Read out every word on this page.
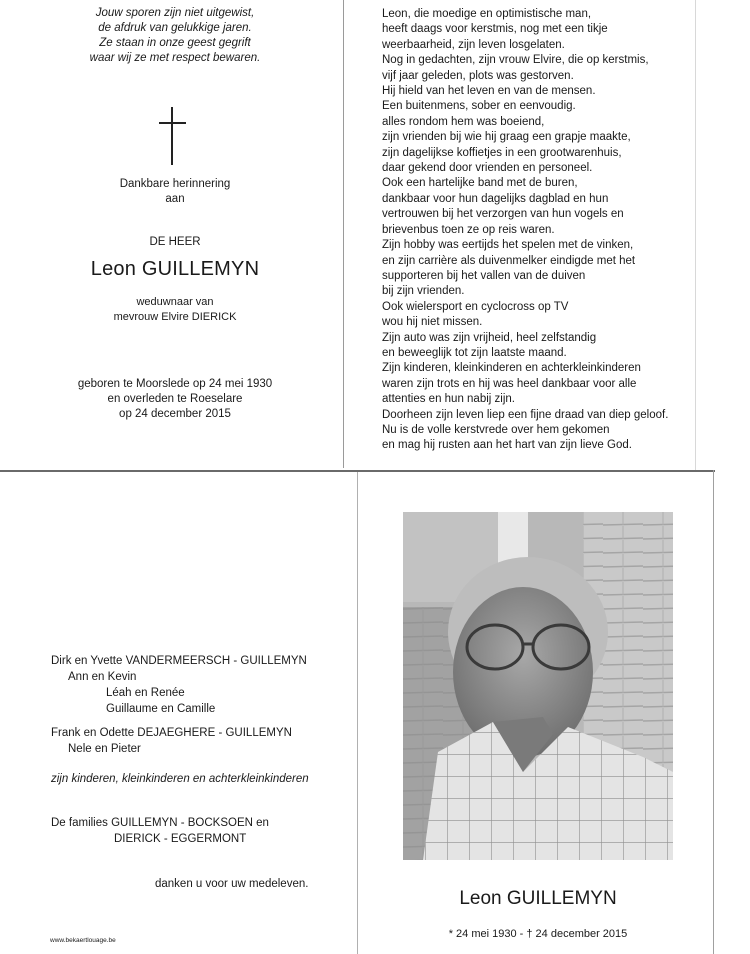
Jouw sporen zijn niet uitgewist,
de afdruk van gelukkige jaren.
Ze staan in onze geest gegrift
waar wij ze met respect bewaren.
Dankbare herinnering
aan
DE HEER
Leon GUILLEMYN
weduwnaar van
mevrouw Elvire DIERICK
geboren te Moorslede op 24 mei 1930
en overleden te Roeselare
op 24 december 2015
Leon, die moedige en optimistische man,
heeft daags voor kerstmis, nog met een tikje
weerbaarheid, zijn leven losgelaten.
Nog in gedachten, zijn vrouw Elvire, die op kerstmis,
vijf jaar geleden, plots was gestorven.
Hij hield van het leven en van de mensen.
Een buitenmens, sober en eenvoudig.
alles rondom hem was boeiend,
zijn vrienden bij wie hij graag een grapje maakte,
zijn dagelijkse koffietjes in een grootwarenhuis,
daar gekend door vrienden en personeel.
Ook een hartelijke band met de buren,
dankbaar voor hun dagelijks dagblad en hun
vertrouwen bij het verzorgen van hun vogels en
brievenbus toen ze op reis waren.
Zijn hobby was eertijds het spelen met de vinken,
en zijn carrière als duivenmelker eindigde met het
supporteren bij het vallen van de duiven
bij zijn vrienden.
Ook wielersport en cyclocross op TV
wou hij niet missen.
Zijn auto was zijn vrijheid, heel zelfstandig
en beweeglijk tot zijn laatste maand.
Zijn kinderen, kleinkinderen en achterkleinkinderen
waren zijn trots en hij was heel dankbaar voor alle
attenties en hun nabij zijn.
Doorheen zijn leven liep een fijne draad van diep geloof.
Nu is de volle kerstvrede over hem gekomen
en mag hij rusten aan het hart van zijn lieve God.
Dirk en Yvette VANDERMEERSCH - GUILLEMYN
Ann en Kevin
Léah en Renée
Guillaume en Camille
Frank en Odette DEJAEGHERE - GUILLEMYN
Nele en Pieter
zijn kinderen, kleinkinderen en achterkleinkinderen
De families GUILLEMYN - BOCKSOEN en
DIERICK - EGGERMONT
danken u voor uw medeleven.
www.bekaertlouage.be
Leon GUILLEMYN
* 24 mei 1930 - † 24 december 2015
